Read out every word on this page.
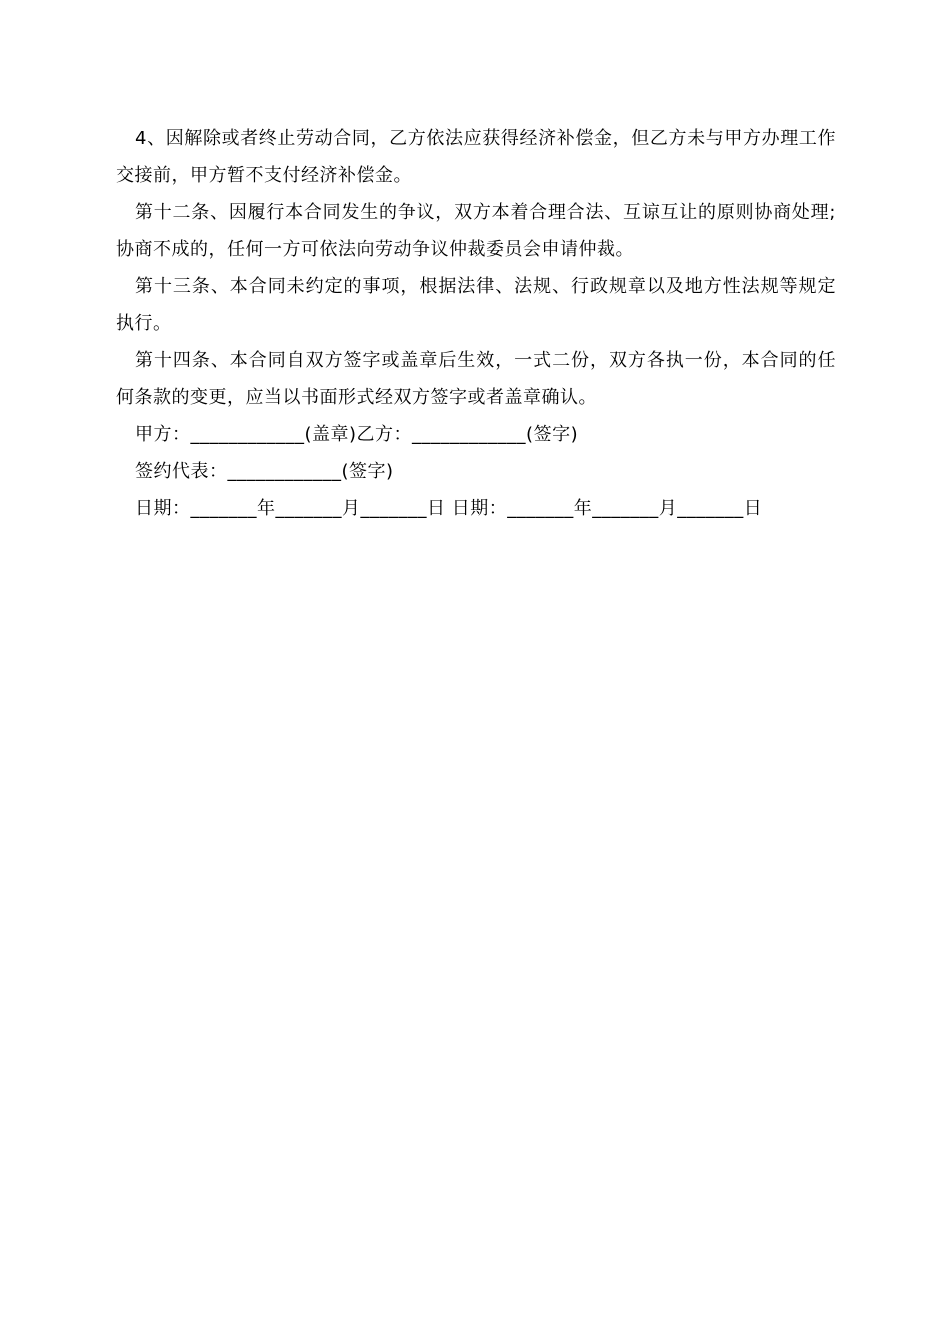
4、因解除或者终止劳动合同，乙方依法应获得经济补偿金，但乙方未与甲方办理工作交接前，甲方暂不支付经济补偿金。

第十二条、因履行本合同发生的争议，双方本着合理合法、互谅互让的原则协商处理;协商不成的，任何一方可依法向劳动争议仲裁委员会申请仲裁。

第十三条、本合同未约定的事项，根据法律、法规、行政规章以及地方性法规等规定执行。

第十四条、本合同自双方签字或盖章后生效，一式二份，双方各执一份，本合同的任何条款的变更，应当以书面形式经双方签字或者盖章确认。

甲方：____________(盖章)乙方：____________(签字)

签约代表：____________(签字)

日期：_______年_______月_______日 日期：_______年_______月_______日
